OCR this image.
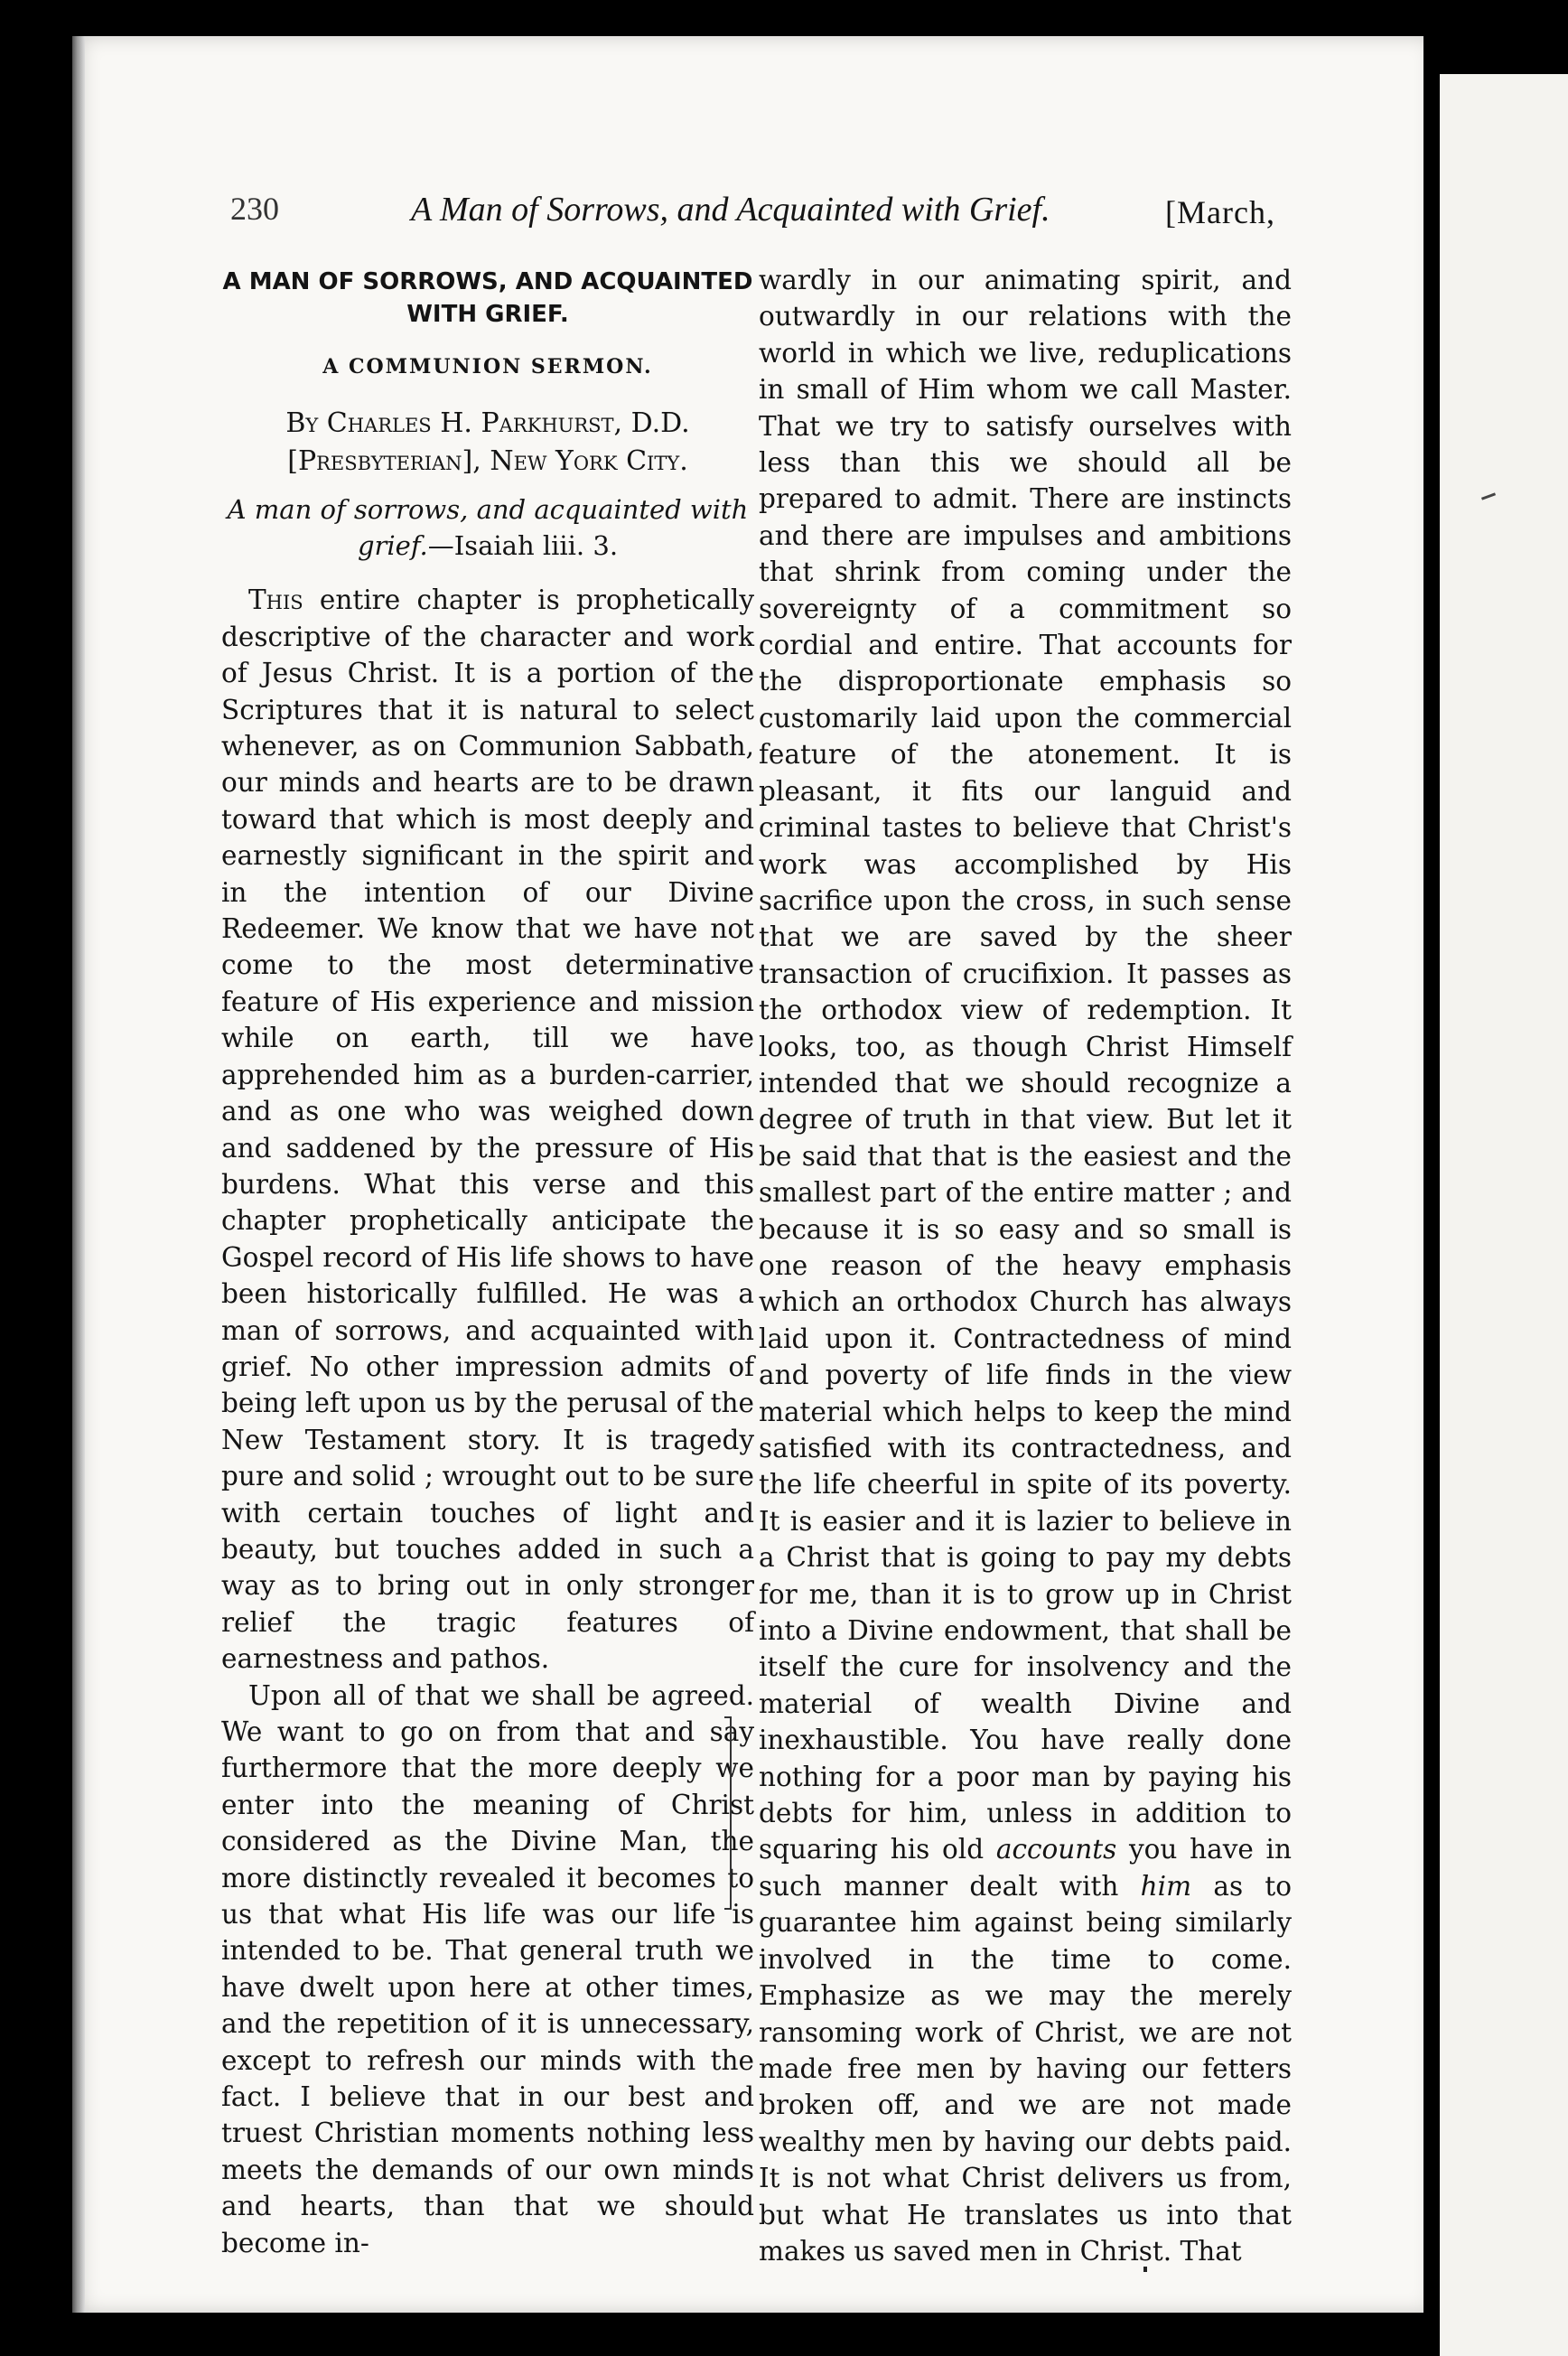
230	A Man of Sorrows, and Acquainted with Grief.	[March,
A MAN OF SORROWS, AND ACQUAINTED
WITH GRIEF.
A COMMUNION SERMON.
By Charles H. Parkhurst, D.D.
[Presbyterian], New York City.
A man of sorrows, and acquainted with grief.—Isaiah liii. 3.

This entire chapter is prophetically descriptive of the character and work of Jesus Christ. It is a portion of the Scriptures that it is natural to select whenever, as on Communion Sabbath, our minds and hearts are to be drawn toward that which is most deeply and earnestly significant in the spirit and in the intention of our Divine Redeemer. We know that we have not come to the most determinative feature of His experience and mission while on earth, till we have apprehended him as a burden-carrier, and as one who was weighed down and saddened by the pressure of His burdens. What this verse and this chapter prophetically anticipate the Gospel record of His life shows to have been historically fulfilled. He was a man of sorrows, and acquainted with grief. No other impression admits of being left upon us by the perusal of the New Testament story. It is tragedy pure and solid ; wrought out to be sure with certain touches of light and beauty, but touches added in such a way as to bring out in only stronger relief the tragic features of earnestness and pathos.

Upon all of that we shall be agreed. We want to go on from that and say furthermore that the more deeply we enter into the meaning of Christ considered as the Divine Man, the more distinctly revealed it becomes to us that what His life was our life is intended to be. That general truth we have dwelt upon here at other times, and the repetition of it is unnecessary, except to refresh our minds with the fact. I believe that in our best and truest Christian moments nothing less meets the demands of our own minds and hearts, than that we should become in-

wardly in our animating spirit, and outwardly in our relations with the world in which we live, reduplications in small of Him whom we call Master. That we try to satisfy ourselves with less than this we should all be prepared to admit. There are instincts and there are impulses and ambitions that shrink from coming under the sovereignty of a commitment so cordial and entire. That accounts for the disproportionate emphasis so customarily laid upon the commercial feature of the atonement. It is pleasant, it fits our languid and criminal tastes to believe that Christ's work was accomplished by His sacrifice upon the cross, in such sense that we are saved by the sheer transaction of crucifixion. It passes as the orthodox view of redemption. It looks, too, as though Christ Himself intended that we should recognize a degree of truth in that view. But let it be said that that is the easiest and the smallest part of the entire matter ; and because it is so easy and so small is one reason of the heavy emphasis which an orthodox Church has always laid upon it. Contractedness of mind and poverty of life finds in the view material which helps to keep the mind satisfied with its contractedness, and the life cheerful in spite of its poverty. It is easier and it is lazier to believe in a Christ that is going to pay my debts for me, than it is to grow up in Christ into a Divine endowment, that shall be itself the cure for insolvency and the material of wealth Divine and inexhaustible. You have really done nothing for a poor man by paying his debts for him, unless in addition to squaring his old accounts you have in such manner dealt with him as to guarantee him against being similarly involved in the time to come. Emphasize as we may the merely ransoming work of Christ, we are not made free men by having our fetters broken off, and we are not made wealthy men by having our debts paid. It is not what Christ delivers us from, but what He translates us into that makes us saved men in Christ. That
